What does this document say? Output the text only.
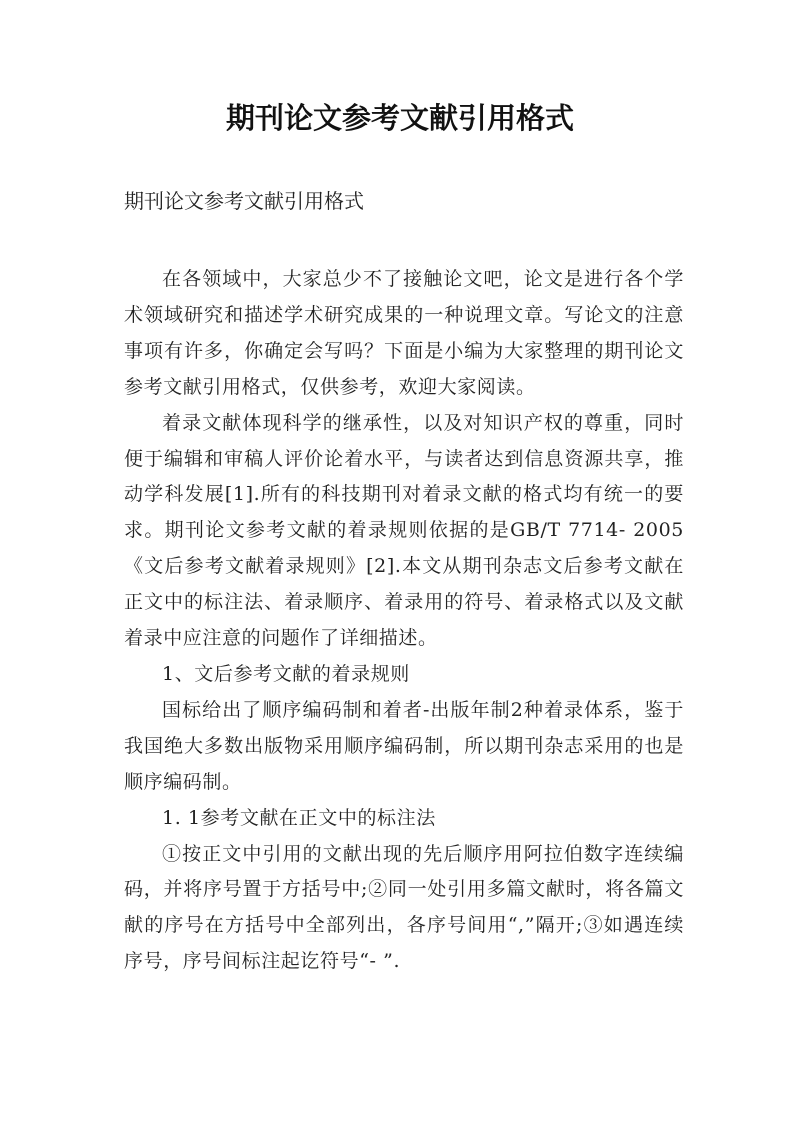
期刊论文参考文献引用格式
期刊论文参考文献引用格式

在各领域中，大家总少不了接触论文吧，论文是进行各个学术领域研究和描述学术研究成果的一种说理文章。写论文的注意事项有许多，你确定会写吗？下面是小编为大家整理的期刊论文参考文献引用格式，仅供参考，欢迎大家阅读。

着录文献体现科学的继承性，以及对知识产权的尊重，同时便于编辑和审稿人评价论着水平，与读者达到信息资源共享，推动学科发展[1].所有的科技期刊对着录文献的格式均有统一的要求。期刊论文参考文献的着录规则依据的是GB/T 7714- 2005《文后参考文献着录规则》[2].本文从期刊杂志文后参考文献在正文中的标注法、着录顺序、着录用的符号、着录格式以及文献着录中应注意的问题作了详细描述。

1、文后参考文献的着录规则

国标给出了顺序编码制和着者-出版年制2种着录体系，鉴于我国绝大多数出版物采用顺序编码制，所以期刊杂志采用的也是顺序编码制。

1. 1参考文献在正文中的标注法

①按正文中引用的文献出现的先后顺序用阿拉伯数字连续编码，并将序号置于方括号中;②同一处引用多篇文献时，将各篇文献的序号在方括号中全部列出，各序号间用“,”隔开;③如遇连续序号，序号间标注起讫符号“- ”.
